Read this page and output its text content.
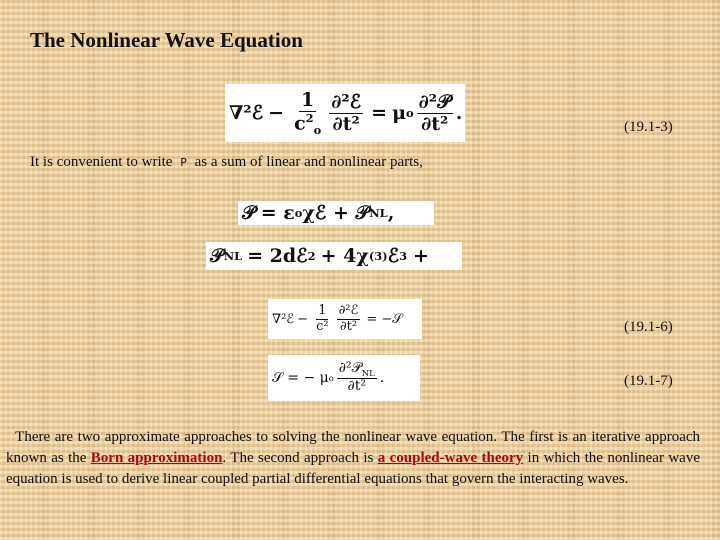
The Nonlinear Wave Equation
∇²ℰ − $\frac{1}{c^2_o} \frac{\text{∂²ℰ}}{\text{∂t²}} = \mu$ o $\frac{\text{∂²𝒫}}{\text{∂t²}}$ .
(19.1-3)
It is convenient to write P as a sum of linear and nonlinear parts,
𝒫 = ε o χℰ + 𝒫 NL ,
𝒫 NL = 2dℰ 2 + 4χ (3) ℰ 3 +
∇²ℰ − $\frac{1}{\text{c²}} \frac{\text{∂²ℰ}}{\text{∂t²}}$ = −𝒮	(19.1-6)
𝒮 = − μ o $\frac{\partial^2𝒫_{NL}}{\text{∂t²}}$ .	(19.1-7)
There are two approximate approaches to solving the nonlinear wave equation. The first is an iterative approach known as the Born approximation. The second approach is a coupled-wave theory in which the nonlinear wave equation is used to derive linear coupled partial differential equations that govern the interacting waves.
